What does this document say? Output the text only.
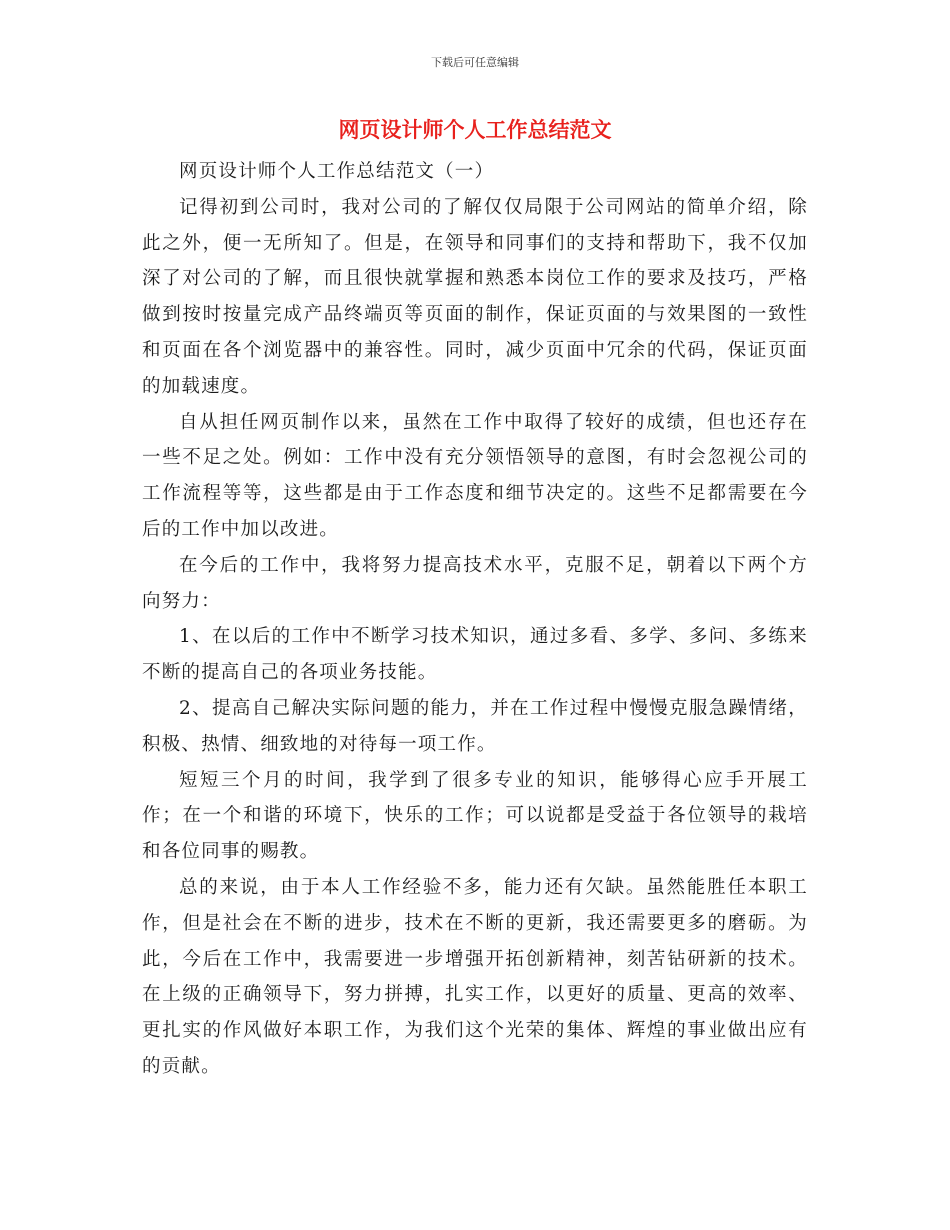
下载后可任意编辑
网页设计师个人工作总结范文

网页设计师个人工作总结范文（一）

记得初到公司时，我对公司的了解仅仅局限于公司网站的简单介绍，除此之外，便一无所知了。但是，在领导和同事们的支持和帮助下，我不仅加深了对公司的了解，而且很快就掌握和熟悉本岗位工作的要求及技巧，严格做到按时按量完成产品终端页等页面的制作，保证页面的与效果图的一致性和页面在各个浏览器中的兼容性。同时，减少页面中冗余的代码，保证页面的加载速度。

自从担任网页制作以来，虽然在工作中取得了较好的成绩，但也还存在一些不足之处。例如：工作中没有充分领悟领导的意图，有时会忽视公司的工作流程等等，这些都是由于工作态度和细节决定的。这些不足都需要在今后的工作中加以改进。

在今后的工作中，我将努力提高技术水平，克服不足，朝着以下两个方向努力：

1、在以后的工作中不断学习技术知识，通过多看、多学、多问、多练来不断的提高自己的各项业务技能。

2、提高自己解决实际问题的能力，并在工作过程中慢慢克服急躁情绪，积极、热情、细致地的对待每一项工作。

短短三个月的时间，我学到了很多专业的知识，能够得心应手开展工作；在一个和谐的环境下，快乐的工作；可以说都是受益于各位领导的栽培和各位同事的赐教。

总的来说，由于本人工作经验不多，能力还有欠缺。虽然能胜任本职工作，但是社会在不断的进步，技术在不断的更新，我还需要更多的磨砺。为此，今后在工作中，我需要进一步增强开拓创新精神，刻苦钻研新的技术。在上级的正确领导下，努力拼搏，扎实工作，以更好的质量、更高的效率、更扎实的作风做好本职工作，为我们这个光荣的集体、辉煌的事业做出应有的贡献。
